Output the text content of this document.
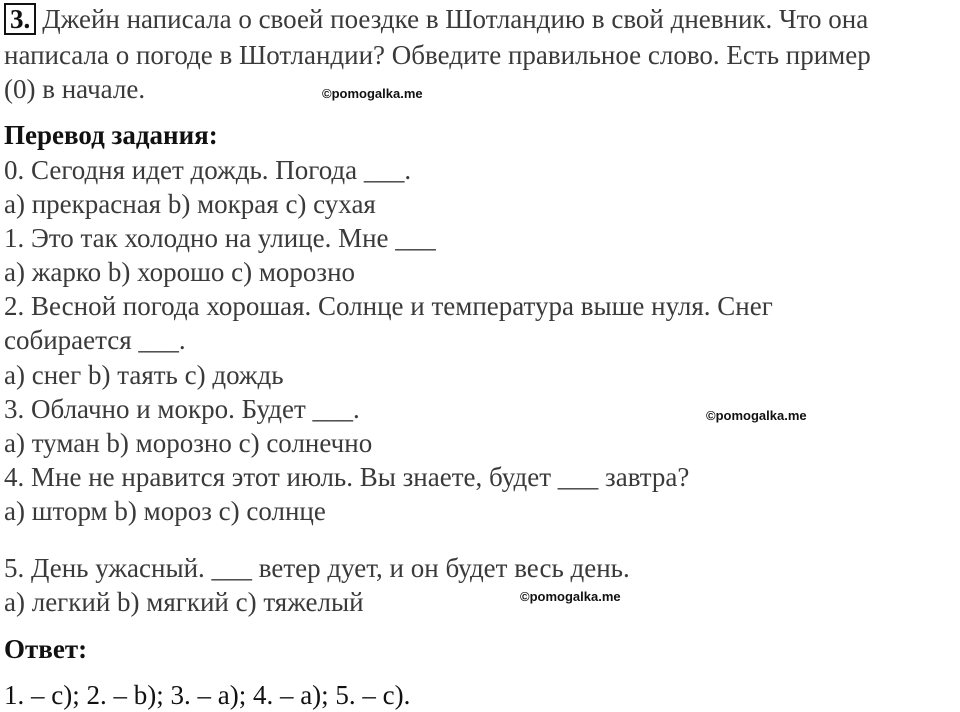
3. Джейн написала о своей поездке в Шотландию в свой дневник. Что она
написала о погоде в Шотландии? Обведите правильное слово. Есть пример
(0) в начале.	©pomogalka.me
Перевод задания:
0. Сегодня идет дождь. Погода ___.
a) прекрасная b) мокрая c) сухая
1. Это так холодно на улице. Мне ___
a) жарко b) хорошо c) морозно
2. Весной погода хорошая. Солнце и температура выше нуля. Снег
собирается ___.
a) снег b) таять c) дождь
3. Облачно и мокро. Будет ___.	©pomogalka.me
a) туман b) морозно c) солнечно
4. Мне не нравится этот июль. Вы знаете, будет ___ завтра?
a) шторм b) мороз c) солнце
5. День ужасный. ___ ветер дует, и он будет весь день.
a) легкий b) мягкий c) тяжелый	©pomogalka.me
Ответ:
1. – c); 2. – b); 3. – a); 4. – a); 5. – c).
